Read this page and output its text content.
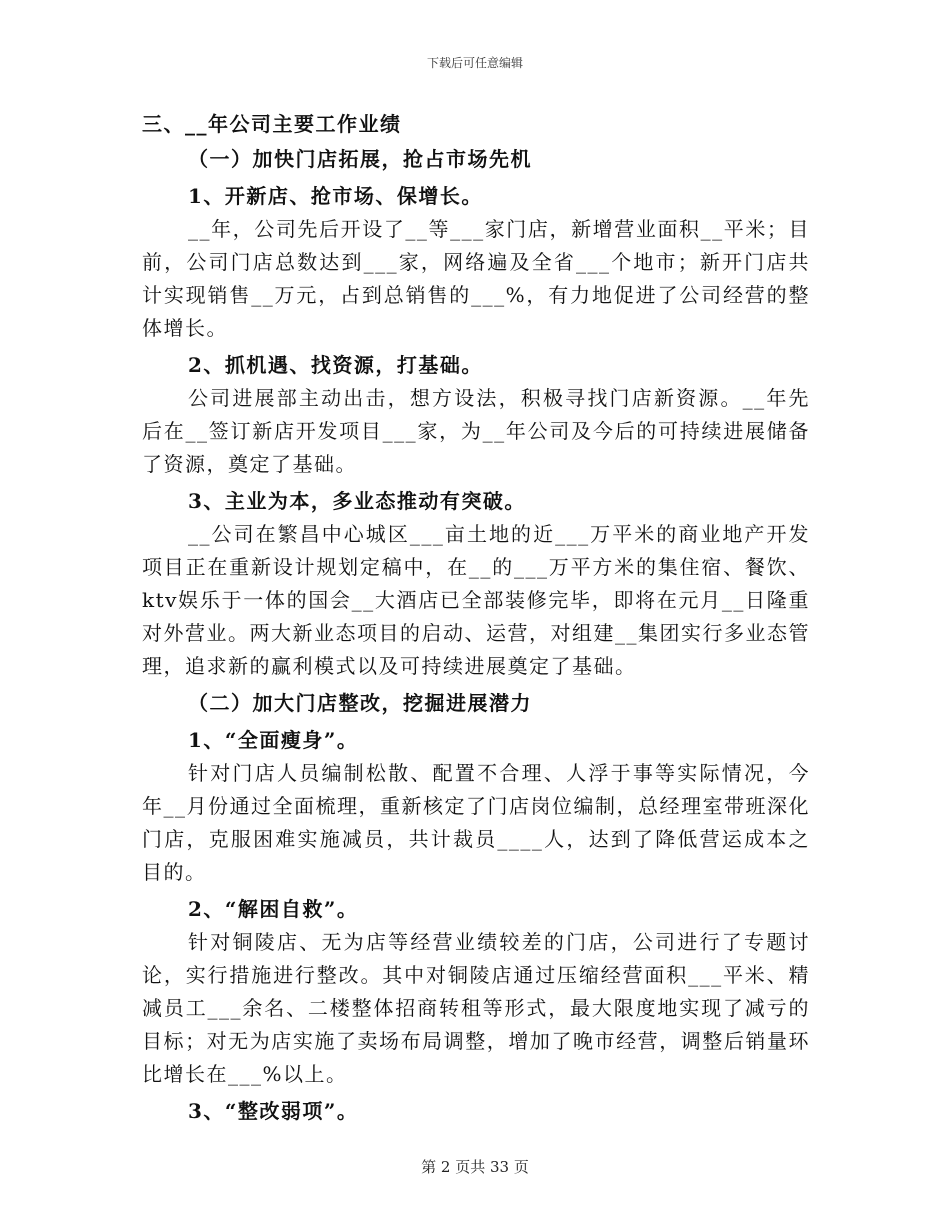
下载后可任意编辑

三、__年公司主要工作业绩

（一）加快门店拓展，抢占市场先机

1、开新店、抢市场、保增长。

__年，公司先后开设了__等___家门店，新增营业面积__平米；目前，公司门店总数达到___家，网络遍及全省___个地市；新开门店共计实现销售__万元，占到总销售的___%，有力地促进了公司经营的整体增长。

2、抓机遇、找资源，打基础。

公司进展部主动出击，想方设法，积极寻找门店新资源。__年先后在__签订新店开发项目___家，为__年公司及今后的可持续进展储备了资源，奠定了基础。

3、主业为本，多业态推动有突破。

__公司在繁昌中心城区___亩土地的近___万平米的商业地产开发项目正在重新设计规划定稿中，在__的___万平方米的集住宿、餐饮、ktv娱乐于一体的国会__大酒店已全部装修完毕，即将在元月__日隆重对外营业。两大新业态项目的启动、运营，对组建__集团实行多业态管理，追求新的赢利模式以及可持续进展奠定了基础。

（二）加大门店整改，挖掘进展潜力

1、“全面瘦身”。

针对门店人员编制松散、配置不合理、人浮于事等实际情况，今年__月份通过全面梳理，重新核定了门店岗位编制，总经理室带班深化门店，克服困难实施减员，共计裁员____人，达到了降低营运成本之目的。

2、“解困自救”。

针对铜陵店、无为店等经营业绩较差的门店，公司进行了专题讨论，实行措施进行整改。其中对铜陵店通过压缩经营面积___平米、精减员工___余名、二楼整体招商转租等形式，最大限度地实现了减亏的目标；对无为店实施了卖场布局调整，增加了晚市经营，调整后销量环比增长在___%以上。

3、“整改弱项”。

第 2 页共 33 页
